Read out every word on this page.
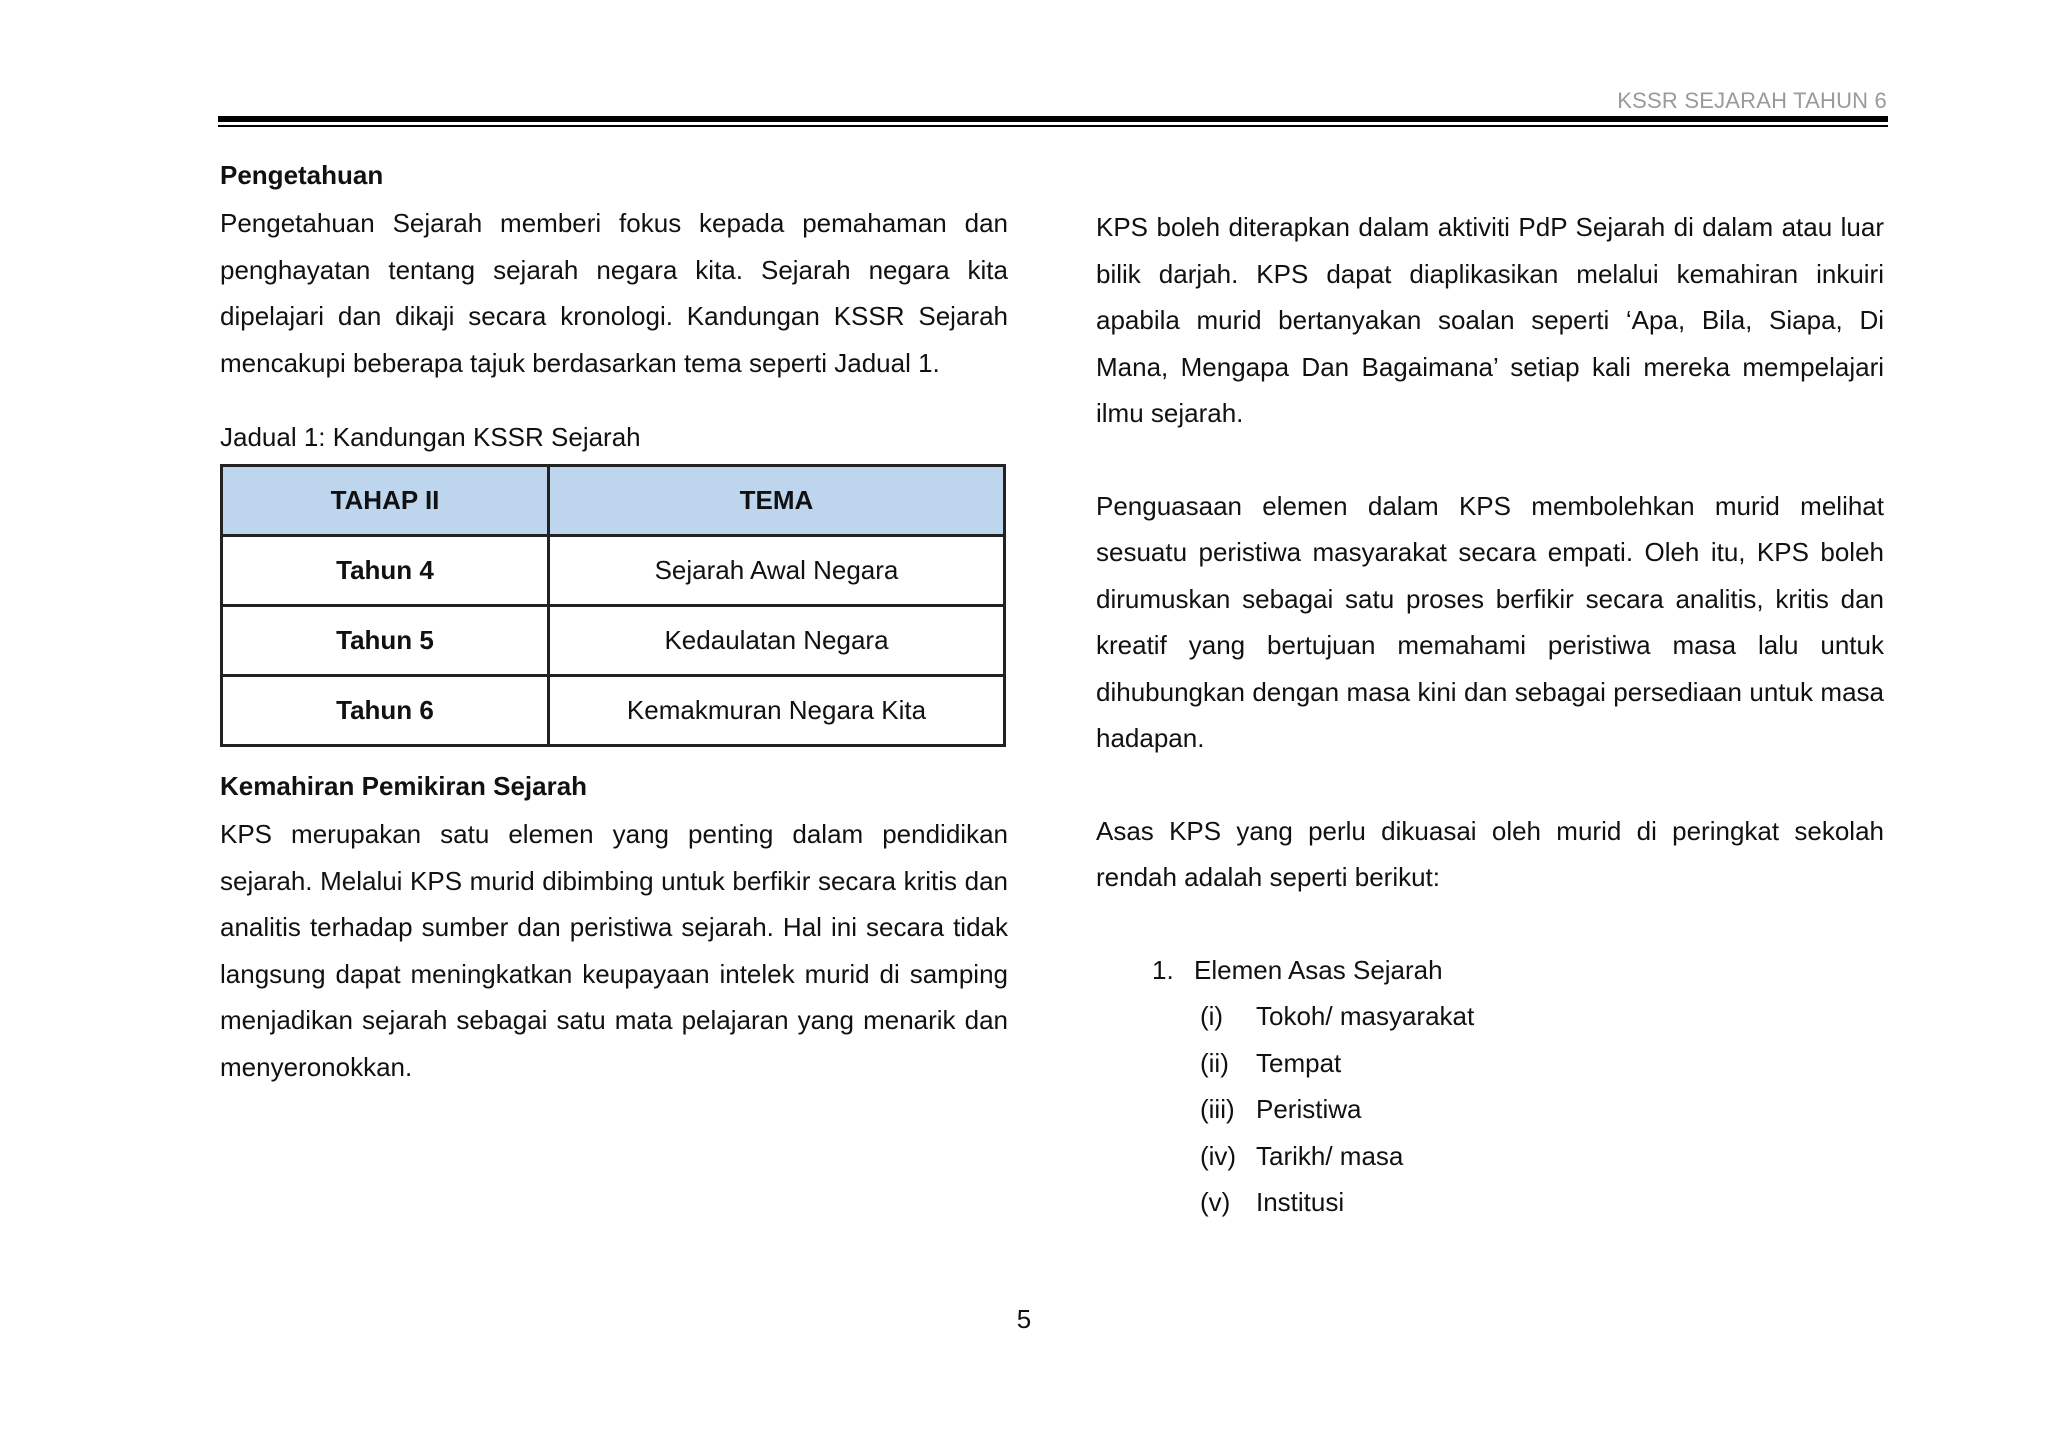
KSSR SEJARAH TAHUN 6

Pengetahuan

Pengetahuan Sejarah memberi fokus kepada pemahaman dan penghayatan tentang sejarah negara kita. Sejarah negara kita dipelajari dan dikaji secara kronologi. Kandungan KSSR Sejarah mencakupi beberapa tajuk berdasarkan tema seperti Jadual 1.

Jadual 1: Kandungan KSSR Sejarah
TAHAP II	TEMA
Tahun 4	Sejarah Awal Negara
Tahun 5	Kedaulatan Negara
Tahun 6	Kemakmuran Negara Kita

Kemahiran Pemikiran Sejarah

KPS merupakan satu elemen yang penting dalam pendidikan sejarah. Melalui KPS murid dibimbing untuk berfikir secara kritis dan analitis terhadap sumber dan peristiwa sejarah. Hal ini secara tidak langsung dapat meningkatkan keupayaan intelek murid di samping menjadikan sejarah sebagai satu mata pelajaran yang menarik dan menyeronokkan.

KPS boleh diterapkan dalam aktiviti PdP Sejarah di dalam atau luar bilik darjah. KPS dapat diaplikasikan melalui kemahiran inkuiri apabila murid bertanyakan soalan seperti ‘Apa, Bila, Siapa, Di Mana, Mengapa Dan Bagaimana’ setiap kali mereka mempelajari ilmu sejarah.

Penguasaan elemen dalam KPS membolehkan murid melihat sesuatu peristiwa masyarakat secara empati. Oleh itu, KPS boleh dirumuskan sebagai satu proses berfikir secara analitis, kritis dan kreatif yang bertujuan memahami peristiwa masa lalu untuk dihubungkan dengan masa kini dan sebagai persediaan untuk masa hadapan.

Asas KPS yang perlu dikuasai oleh murid di peringkat sekolah rendah adalah seperti berikut:

1. Elemen Asas Sejarah
(i)	Tokoh/ masyarakat
(ii)	Tempat
(iii) Peristiwa
(iv) Tarikh/ masa
(v) Institusi
5
